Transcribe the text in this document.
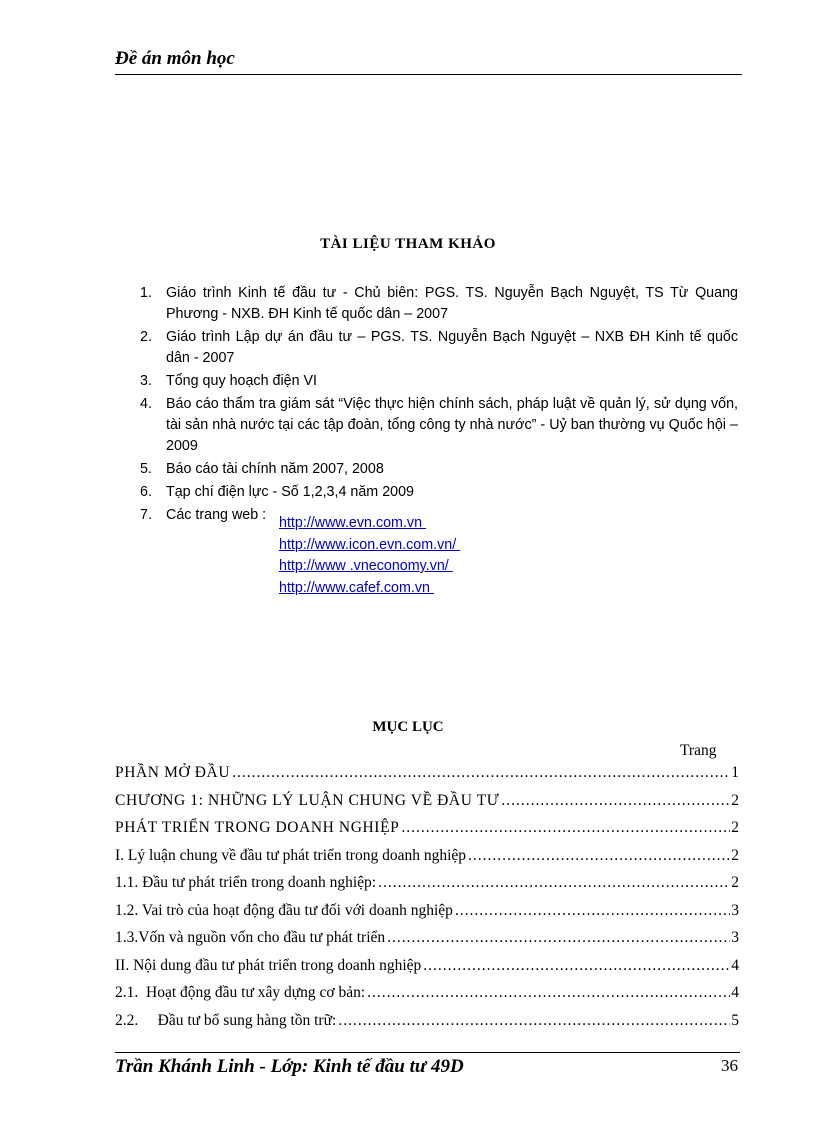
Đề án môn học
TÀI LIỆU THAM KHẢO
1. Giáo trình Kinh tế đầu tư - Chủ biên: PGS. TS. Nguyễn Bạch Nguyệt, TS Từ Quang Phương - NXB. ĐH Kinh tế quốc dân – 2007
2. Giáo trình Lập dự án đầu tư – PGS. TS. Nguyễn Bạch Nguyệt – NXB ĐH Kinh tế quốc dân - 2007
3. Tổng quy hoạch điện VI
4. Báo cáo thẩm tra giám sát “Việc thực hiện chính sách, pháp luật về quản lý, sử dụng vốn, tài sản nhà nước tại các tập đoàn, tổng công ty nhà nước” - Uỷ ban thường vụ Quốc hội – 2009
5. Báo cáo tài chính năm 2007, 2008
6. Tạp chí điện lực - Số 1,2,3,4 năm 2009
7. Các trang web : http://www.evn.com.vn
http://www.icon.evn.com.vn/
http://www .vneconomy.vn/
http://www.cafef.com.vn
MỤC LỤC
Trang
PHẦN MỞ ĐẦU .....	1
CHƯƠNG 1: NHỮNG LÝ LUẬN CHUNG VỀ ĐẦU TƯ .....	2
PHÁT TRIỂN TRONG DOANH NGHIỆP .....	2
I. Lý luận chung về đầu tư phát triển trong doanh nghiệp .....	2
1.1. Đầu tư phát triển trong doanh nghiệp: .....	2
1.2. Vai trò của hoạt động đầu tư đối với doanh nghiệp .....	3
1.3.Vốn và nguồn vốn cho đầu tư phát triển .....	3
II. Nội dung đầu tư phát triển trong doanh nghiệp .....	4
2.1.  Hoạt động đầu tư xây dựng cơ bản: .....	4
2.2.     Đầu tư bổ sung hàng tồn trữ: .....	5
Trần Khánh Linh - Lớp: Kinh tế đầu tư 49D	36
